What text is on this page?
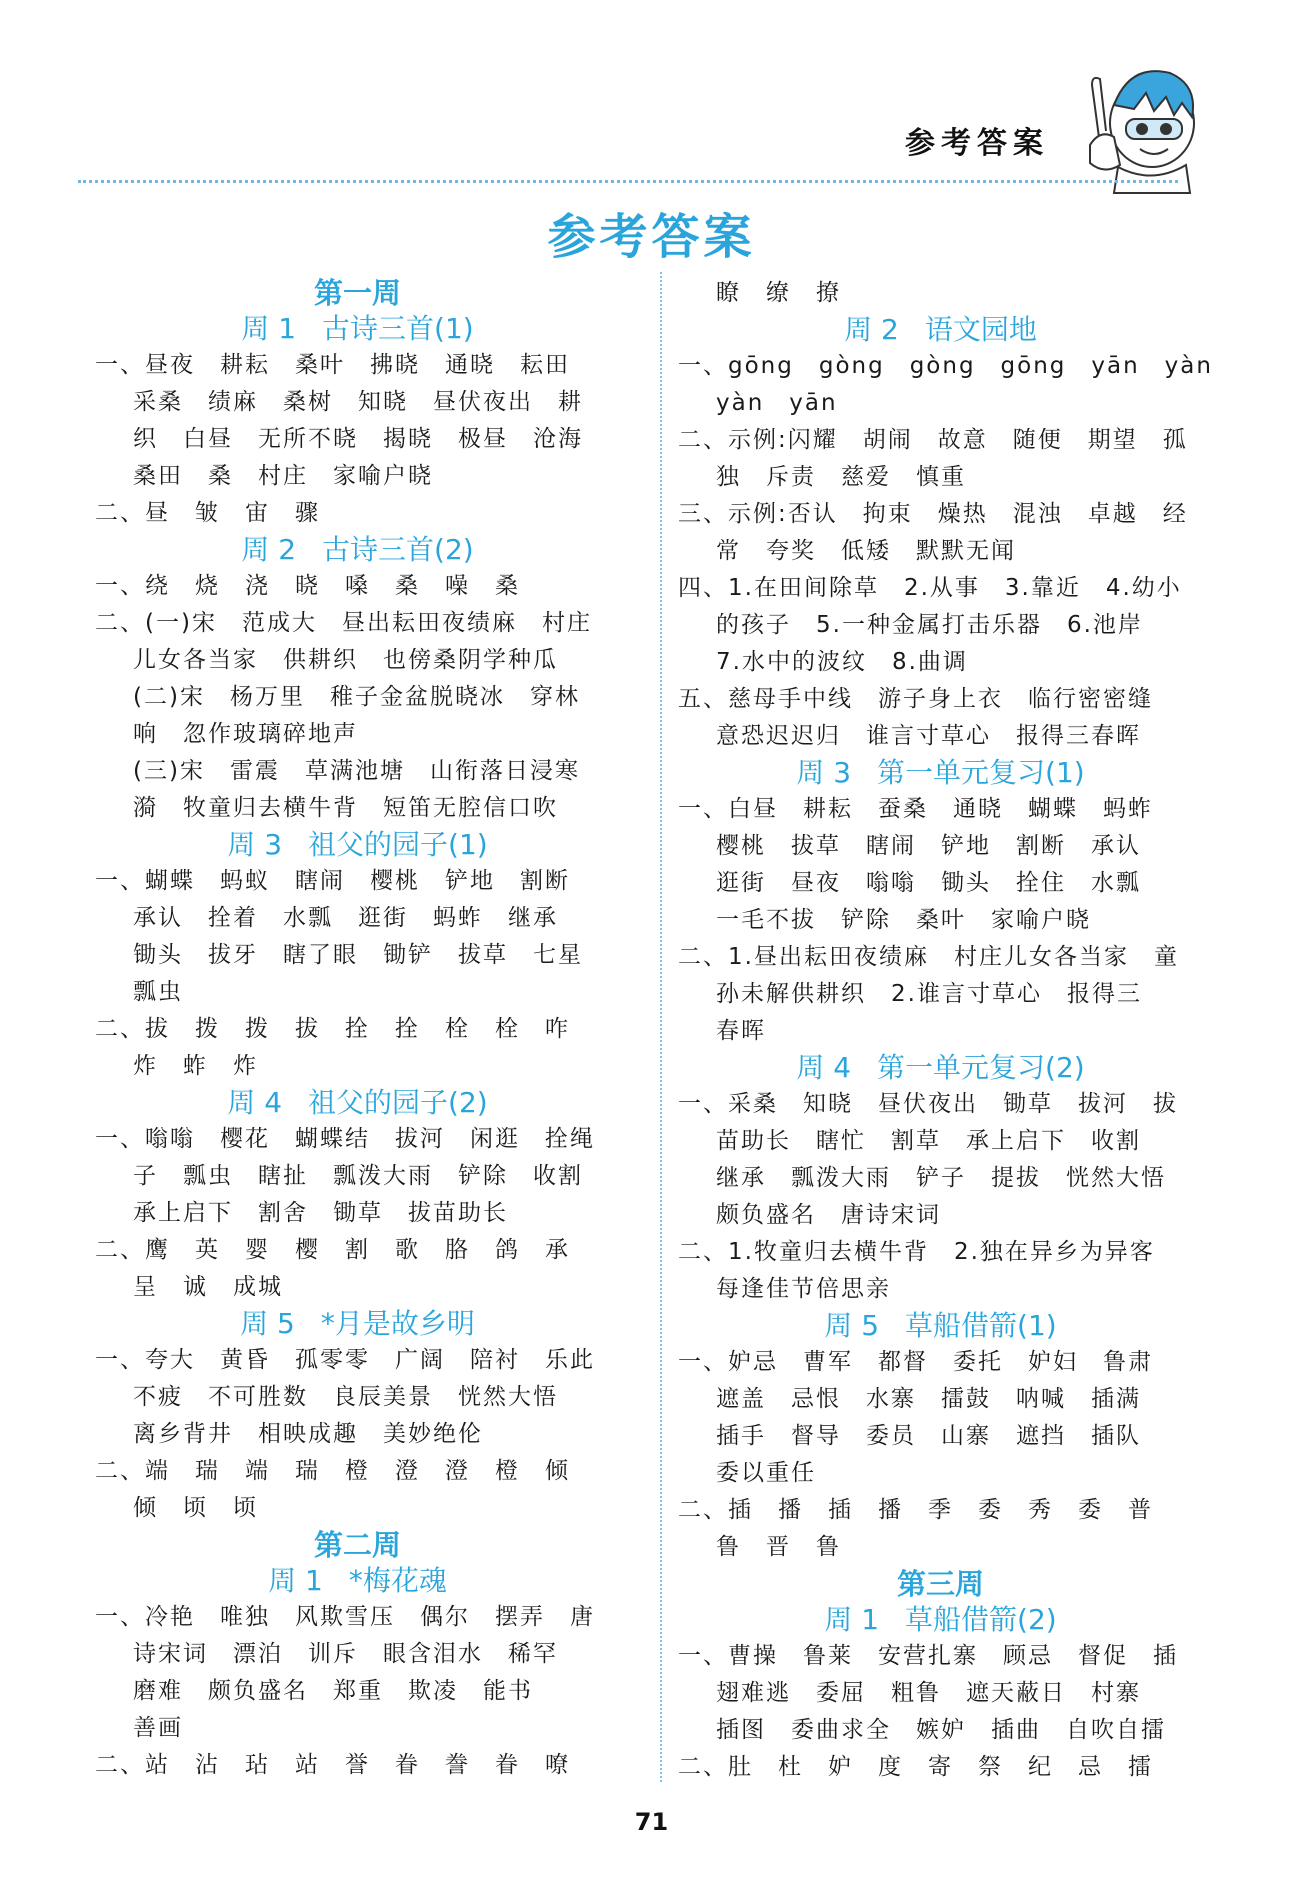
参考答案
参考答案
第一周
周 1 古诗三首(1)
一、昼夜　耕耘　桑叶　拂晓　通晓　耘田
采桑　绩麻　桑树　知晓　昼伏夜出　耕
织　白昼　无所不晓　揭晓　极昼　沧海
桑田　桑　村庄　家喻户晓
二、昼　皱　宙　骤
周 2 古诗三首(2)
一、绕　烧　浇　晓　嗓　桑　噪　桑
二、(一)宋　范成大　昼出耘田夜绩麻　村庄
儿女各当家　供耕织　也傍桑阴学种瓜
(二)宋　杨万里　稚子金盆脱晓冰　穿林
响　忽作玻璃碎地声
(三)宋　雷震　草满池塘　山衔落日浸寒
漪　牧童归去横牛背　短笛无腔信口吹
周 3 祖父的园子(1)
一、蝴蝶　蚂蚁　瞎闹　樱桃　铲地　割断
承认　拴着　水瓢　逛街　蚂蚱　继承
锄头　拔牙　瞎了眼　锄铲　拔草　七星
瓢虫
二、拔　拨　拨　拔　拴　拴　栓　栓　咋
炸　蚱　炸
周 4 祖父的园子(2)
一、嗡嗡　樱花　蝴蝶结　拔河　闲逛　拴绳
子　瓢虫　瞎扯　瓢泼大雨　铲除　收割
承上启下　割舍　锄草　拔苗助长
二、鹰　英　婴　樱　割　歌　胳　鸽　承
呈　诚　成城
周 5 *月是故乡明
一、夸大　黄昏　孤零零　广阔　陪衬　乐此
不疲　不可胜数　良辰美景　恍然大悟
离乡背井　相映成趣　美妙绝伦
二、端　瑞　端　瑞　橙　澄　澄　橙　倾
倾　顷　顷
第二周
周 1 *梅花魂
一、冷艳　唯独　风欺雪压　偶尔　摆弄　唐
诗宋词　漂泊　训斥　眼含泪水　稀罕
磨难　颇负盛名　郑重　欺凌　能书
善画
二、站　沾　玷　站　誉　眷　誊　眷　嘹
瞭　缭　撩
周 2 语文园地
一、gōng　gòng　gòng　gōng　yān　yàn
yàn　yān
二、示例:闪耀　胡闹　故意　随便　期望　孤
独　斥责　慈爱　慎重
三、示例:否认　拘束　燥热　混浊　卓越　经
常　夸奖　低矮　默默无闻
四、1.在田间除草　2.从事　3.靠近　4.幼小
的孩子　5.一种金属打击乐器　6.池岸
7.水中的波纹　8.曲调
五、慈母手中线　游子身上衣　临行密密缝
意恐迟迟归　谁言寸草心　报得三春晖
周 3 第一单元复习(1)
一、白昼　耕耘　蚕桑　通晓　蝴蝶　蚂蚱
樱桃　拔草　瞎闹　铲地　割断　承认
逛街　昼夜　嗡嗡　锄头　拴住　水瓢
一毛不拔　铲除　桑叶　家喻户晓
二、1.昼出耘田夜绩麻　村庄儿女各当家　童
孙未解供耕织　2.谁言寸草心　报得三
春晖
周 4 第一单元复习(2)
一、采桑　知晓　昼伏夜出　锄草　拔河　拔
苗助长　瞎忙　割草　承上启下　收割
继承　瓢泼大雨　铲子　提拔　恍然大悟
颇负盛名　唐诗宋词
二、1.牧童归去横牛背　2.独在异乡为异客
每逢佳节倍思亲
周 5 草船借箭(1)
一、妒忌　曹军　都督　委托　妒妇　鲁肃
遮盖　忌恨　水寨　擂鼓　呐喊　插满
插手　督导　委员　山寨　遮挡　插队
委以重任
二、插　播　插　播　季　委　秀　委　普
鲁　晋　鲁
第三周
周 1 草船借箭(2)
一、曹操　鲁莱　安营扎寨　顾忌　督促　插
翅难逃　委屈　粗鲁　遮天蔽日　村寨
插图　委曲求全　嫉妒　插曲　自吹自擂
二、肚　杜　妒　度　寄　祭　纪　忌　擂
71
